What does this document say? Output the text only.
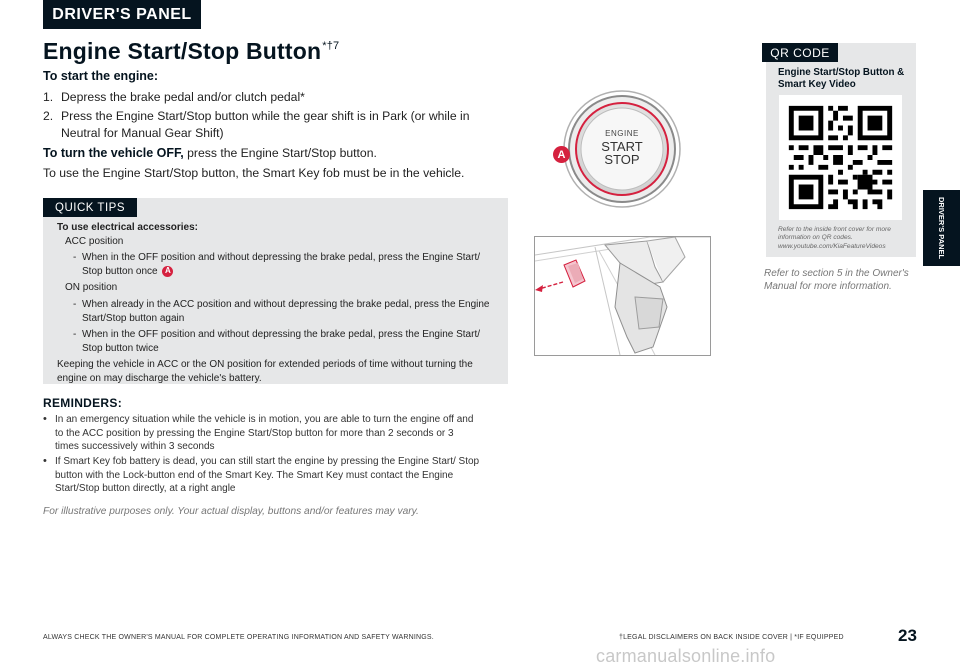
DRIVER'S PANEL
Engine Start/Stop Button$^{*\dagger 7}$
To start the engine:
1. Depress the brake pedal and/or clutch pedal*
2. Press the Engine Start/Stop button while the gear shift is in Park (or while in Neutral for Manual Gear Shift)
To turn the vehicle OFF, press the Engine Start/Stop button.
To use the Engine Start/Stop button, the Smart Key fob must be in the vehicle.
QUICK TIPS
To use electrical accessories:
ACC position
- When in the OFF position and without depressing the brake pedal, press the Engine Start/ Stop button once A
ON position
- When already in the ACC position and without depressing the brake pedal, press the Engine Start/Stop button again
- When in the OFF position and without depressing the brake pedal, press the Engine Start/ Stop button twice
Keeping the vehicle in ACC or the ON position for extended periods of time without turning the engine on may discharge the vehicle's battery.
REMINDERS:
• In an emergency situation while the vehicle is in motion, you are able to turn the engine off and to the ACC position by pressing the Engine Start/Stop button for more than 2 seconds or 3 times successively within 3 seconds
• If Smart Key fob battery is dead, you can still start the engine by pressing the Engine Start/ Stop button with the Lock-button end of the Smart Key. The Smart Key must contact the Engine Start/Stop button directly, at a right angle
For illustrative purposes only. Your actual display, buttons and/or features may vary.
ENGINE
START
STOP
A
QR CODE
Engine Start/Stop Button & Smart Key Video
Refer to the inside front cover for more information on QR codes. www.youtube.com/KiaFeatureVideos
Refer to section 5 in the Owner's Manual for more information.
DRIVER'S PANEL
ALWAYS CHECK THE OWNER'S MANUAL FOR COMPLETE OPERATING INFORMATION AND SAFETY WARNINGS.	†LEGAL DISCLAIMERS ON BACK INSIDE COVER | *IF EQUIPPED	23
carmanualsonline.info
